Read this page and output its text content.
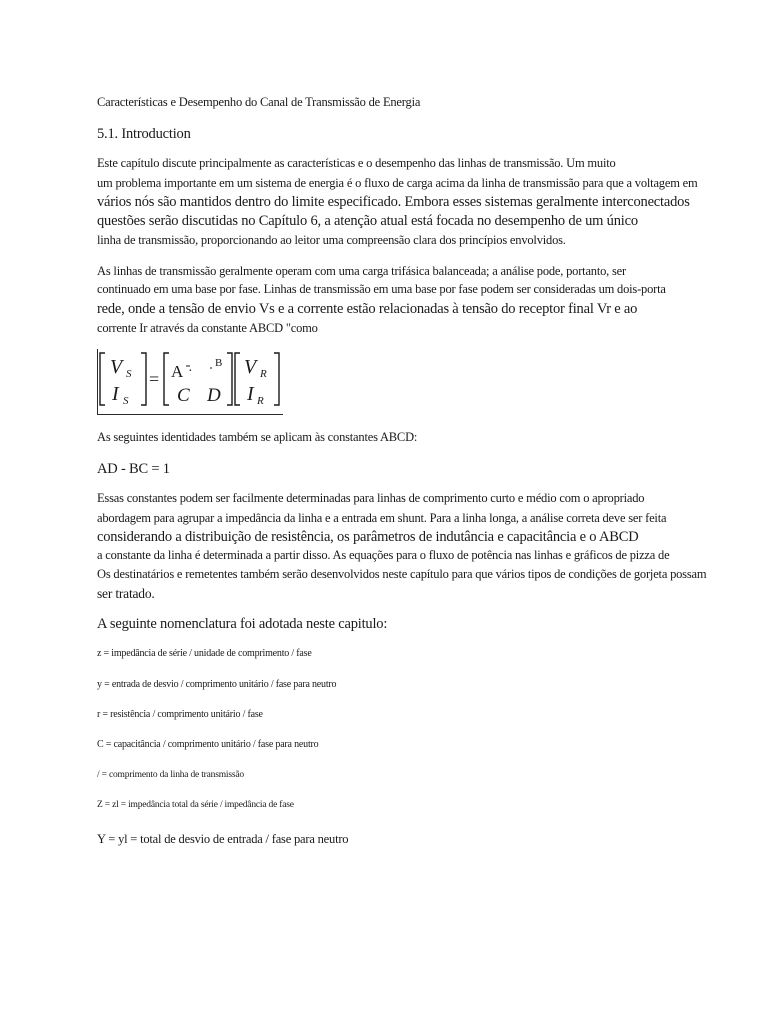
Características e Desempenho do Canal de Transmissão de Energia
5.1. Introduction
Este capítulo discute principalmente as características e o desempenho das linhas de transmissão. Um muito
um problema importante em um sistema de energia é o fluxo de carga acima da linha de transmissão para que a voltagem em
vários nós são mantidos dentro do limite especificado. Embora esses sistemas geralmente interconectados
questões serão discutidas no Capítulo 6, a atenção atual está focada no desempenho de um único
linha de transmissão, proporcionando ao leitor uma compreensão clara dos princípios envolvidos.
As linhas de transmissão geralmente operam com uma carga trifásica balanceada; a análise pode, portanto, ser
continuado em uma base por fase. Linhas de transmissão em uma base por fase podem ser consideradas um dois-porta
rede, onde a tensão de envio Vs e a corrente estão relacionadas à tensão do receptor final Vr e ao
corrente Ir através da constante ABCD "como
V S
I S
= A ·
B
C D
V R
I R
As seguintes identidades também se aplicam às constantes ABCD:
AD - BC = 1
Essas constantes podem ser facilmente determinadas para linhas de comprimento curto e médio com o apropriado
abordagem para agrupar a impedância da linha e a entrada em shunt. Para a linha longa, a análise correta deve ser feita
considerando a distribuição de resistência, os parâmetros de indutância e capacitância e o ABCD
a constante da linha é determinada a partir disso. As equações para o fluxo de potência nas linhas e gráficos de pizza de
Os destinatários e remetentes também serão desenvolvidos neste capítulo para que vários tipos de condições de gorjeta possam
ser tratado.
A seguinte nomenclatura foi adotada neste capitulo:
z = impedância de série / unidade de comprimento / fase
y = entrada de desvio / comprimento unitário / fase para neutro
r = resistência / comprimento unitário / fase
C = capacitância / comprimento unitário / fase para neutro
/ = comprimento da linha de transmissão
Z = zl = impedância total da série / impedância de fase
Y = yl = total de desvio de entrada / fase para neutro
